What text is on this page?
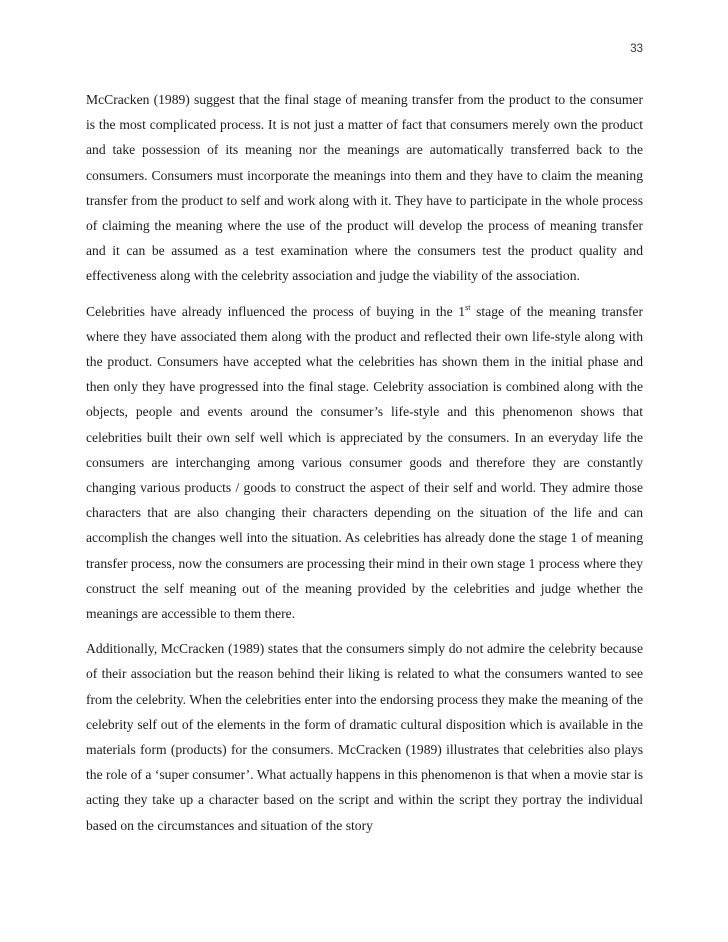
33

McCracken (1989) suggest that the final stage of meaning transfer from the product to the consumer is the most complicated process. It is not just a matter of fact that consumers merely own the product and take possession of its meaning nor the meanings are automatically transferred back to the consumers. Consumers must incorporate the meanings into them and they have to claim the meaning transfer from the product to self and work along with it. They have to participate in the whole process of claiming the meaning where the use of the product will develop the process of meaning transfer and it can be assumed as a test examination where the consumers test the product quality and effectiveness along with the celebrity association and judge the viability of the association.

Celebrities have already influenced the process of buying in the 1st stage of the meaning transfer where they have associated them along with the product and reflected their own life-style along with the product. Consumers have accepted what the celebrities has shown them in the initial phase and then only they have progressed into the final stage. Celebrity association is combined along with the objects, people and events around the consumer’s life-style and this phenomenon shows that celebrities built their own self well which is appreciated by the consumers. In an everyday life the consumers are interchanging among various consumer goods and therefore they are constantly changing various products / goods to construct the aspect of their self and world. They admire those characters that are also changing their characters depending on the situation of the life and can accomplish the changes well into the situation. As celebrities has already done the stage 1 of meaning transfer process, now the consumers are processing their mind in their own stage 1 process where they construct the self meaning out of the meaning provided by the celebrities and judge whether the meanings are accessible to them there.

Additionally, McCracken (1989) states that the consumers simply do not admire the celebrity because of their association but the reason behind their liking is related to what the consumers wanted to see from the celebrity. When the celebrities enter into the endorsing process they make the meaning of the celebrity self out of the elements in the form of dramatic cultural disposition which is available in the materials form (products) for the consumers. McCracken (1989) illustrates that celebrities also plays the role of a ‘super consumer’. What actually happens in this phenomenon is that when a movie star is acting they take up a character based on the script and within the script they portray the individual based on the circumstances and situation of the story
